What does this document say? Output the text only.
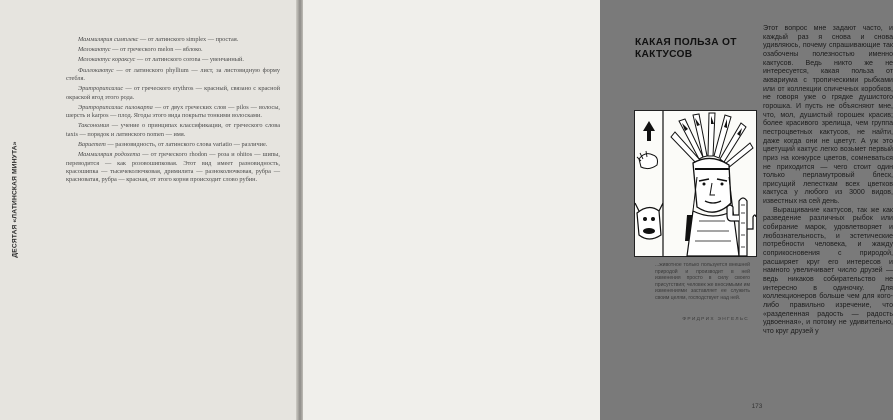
ДЕСЯТАЯ «ЛАТИНСКАЯ МИНУТА»

Маммилярия симплекс — от латинского simplex — простая.

Мелокактус — от греческого melon — яблоко.

Мелокактус кораксус — от латинского corona — увенчанный.

Филлокактус — от латинского phyllium — лист, за листовидную форму стебля.

Эритрорипсалис — от греческого erythros — красный, связано с красной окраской ягод этого рода.

Эритрорипсалис пилокарпа — от двух греческих слов — pilos — волосы, шерсть и karpos — плод. Ягоды этого вида покрыты тонкими волосками.

Таксономия — учение о принципах классификации, от греческого слова taxis — порядок и латинского nomen — имя.

Вариетет — разновидность, от латинского слова variatio — различие.

Маммилярия родохета — от греческого rhodon — роза и ohitos — шипы, переводится — как розовошипковая. Этот вид имеет разновидность, красошипка — тысячеколючковая, дримилита — разноколючковая, рубра — красноватая, рубра — красная, от этого корня происходит слово рубин.

КАКАЯ ПОЛЬЗА ОТ КАКТУСОВ
...животное только пользуется внешней природой и производит в ней изменения просто в силу своего присутствия; человек же вносимыми им изменениями заставляет ее служить своим целям, господствует над ней.
ФРИДРИХ ЭНГЕЛЬС

Этот вопрос мне задают часто, и каждый раз я снова и снова удивляюсь, почему спрашивающие так озабочены полезностью именно кактусов. Ведь никто же не интересуется, какая польза от аквариума с тропическими рыбками или от коллекции спичечных коробков, не говоря уже о грядке душистого горошка. И пусть не объясняют мне, что, мол, душистый горошек красив; более красивого зрелища, чем группа пестроцветных кактусов, не найти, даже когда они не цветут. А уж это цветущий кактус легко возьмет первый приз на конкурсе цветов, сомневаться не приходится — чего стоит один только перламутровый блеск, присущий лепесткам всех цветков кактуса у любого из 3000 видов, известных на сей день.

Выращивание кактусов, так же как разведение различных рыбок или собирание марок, удовлетворяет и любознательность, и эстетические потребности человека, и жажду соприкосновения с природой, расширяет круг его интересов и намного увеличивает число друзей — ведь никаков собирательство не интересно в одиночку. Для коллекционеров больше чем для кого-либо правильно изречение, что «разделенная радость — радость удвоенная», и потому не удивительно, что круг друзей у

173
